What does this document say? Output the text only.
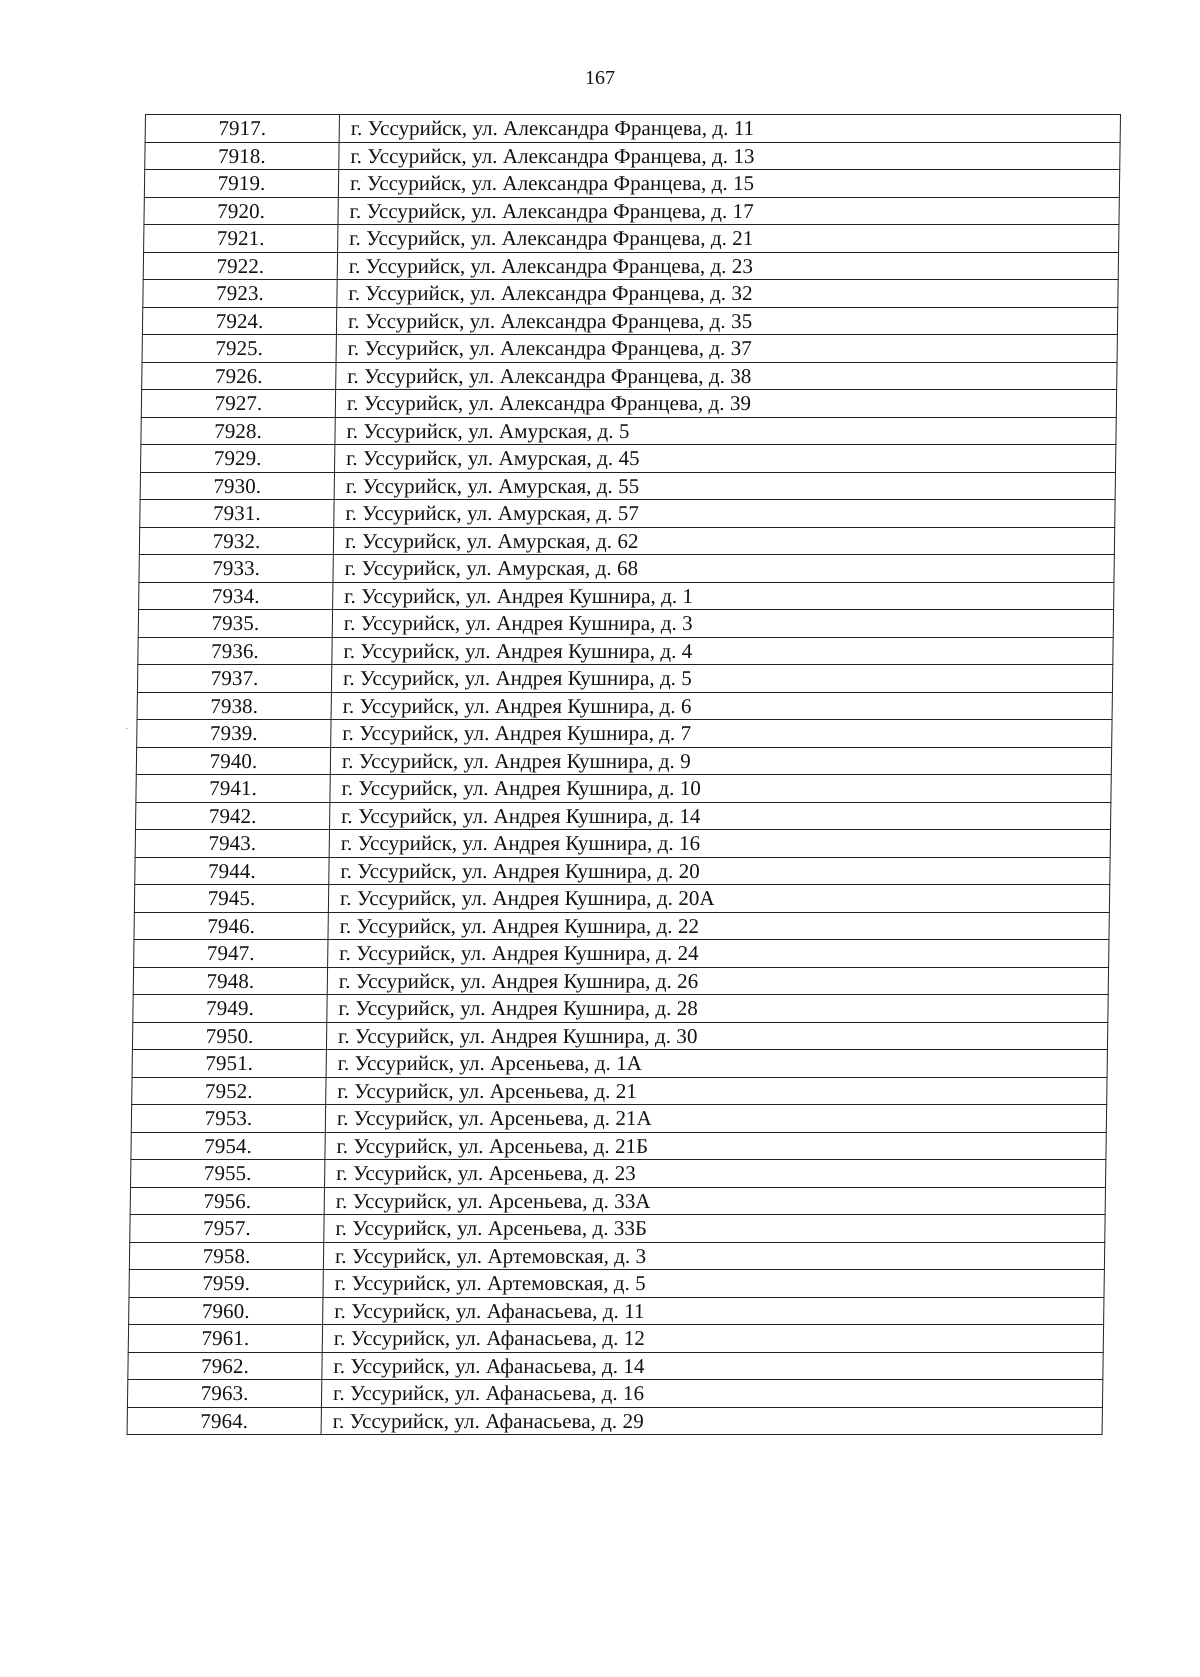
167
7917.	г. Уссурийск, ул. Александра Францева, д. 11
7918.	г. Уссурийск, ул. Александра Францева, д. 13
7919.	г. Уссурийск, ул. Александра Францева, д. 15
7920.	г. Уссурийск, ул. Александра Францева, д. 17
7921.	г. Уссурийск, ул. Александра Францева, д. 21
7922.	г. Уссурийск, ул. Александра Францева, д. 23
7923.	г. Уссурийск, ул. Александра Францева, д. 32
7924.	г. Уссурийск, ул. Александра Францева, д. 35
7925.	г. Уссурийск, ул. Александра Францева, д. 37
7926.	г. Уссурийск, ул. Александра Францева, д. 38
7927.	г. Уссурийск, ул. Александра Францева, д. 39
7928.	г. Уссурийск, ул. Амурская, д. 5
7929.	г. Уссурийск, ул. Амурская, д. 45
7930.	г. Уссурийск, ул. Амурская, д. 55
7931.	г. Уссурийск, ул. Амурская, д. 57
7932.	г. Уссурийск, ул. Амурская, д. 62
7933.	г. Уссурийск, ул. Амурская, д. 68
7934.	г. Уссурийск, ул. Андрея Кушнира, д. 1
7935.	г. Уссурийск, ул. Андрея Кушнира, д. 3
7936.	г. Уссурийск, ул. Андрея Кушнира, д. 4
7937.	г. Уссурийск, ул. Андрея Кушнира, д. 5
7938.	г. Уссурийск, ул. Андрея Кушнира, д. 6
7939.	г. Уссурийск, ул. Андрея Кушнира, д. 7
7940.	г. Уссурийск, ул. Андрея Кушнира, д. 9
7941.	г. Уссурийск, ул. Андрея Кушнира, д. 10
7942.	г. Уссурийск, ул. Андрея Кушнира, д. 14
7943.	г. Уссурийск, ул. Андрея Кушнира, д. 16
7944.	г. Уссурийск, ул. Андрея Кушнира, д. 20
7945.	г. Уссурийск, ул. Андрея Кушнира, д. 20А
7946.	г. Уссурийск, ул. Андрея Кушнира, д. 22
7947.	г. Уссурийск, ул. Андрея Кушнира, д. 24
7948.	г. Уссурийск, ул. Андрея Кушнира, д. 26
7949.	г. Уссурийск, ул. Андрея Кушнира, д. 28
7950.	г. Уссурийск, ул. Андрея Кушнира, д. 30
7951.	г. Уссурийск, ул. Арсеньева, д. 1А
7952.	г. Уссурийск, ул. Арсеньева, д. 21
7953.	г. Уссурийск, ул. Арсеньева, д. 21А
7954.	г. Уссурийск, ул. Арсеньева, д. 21Б
7955.	г. Уссурийск, ул. Арсеньева, д. 23
7956.	г. Уссурийск, ул. Арсеньева, д. 33А
7957.	г. Уссурийск, ул. Арсеньева, д. 33Б
7958.	г. Уссурийск, ул. Артемовская, д. 3
7959.	г. Уссурийск, ул. Артемовская, д. 5
7960.	г. Уссурийск, ул. Афанасьева, д. 11
7961.	г. Уссурийск, ул. Афанасьева, д. 12
7962.	г. Уссурийск, ул. Афанасьева, д. 14
7963.	г. Уссурийск, ул. Афанасьева, д. 16
7964.	г. Уссурийск, ул. Афанасьева, д. 29
